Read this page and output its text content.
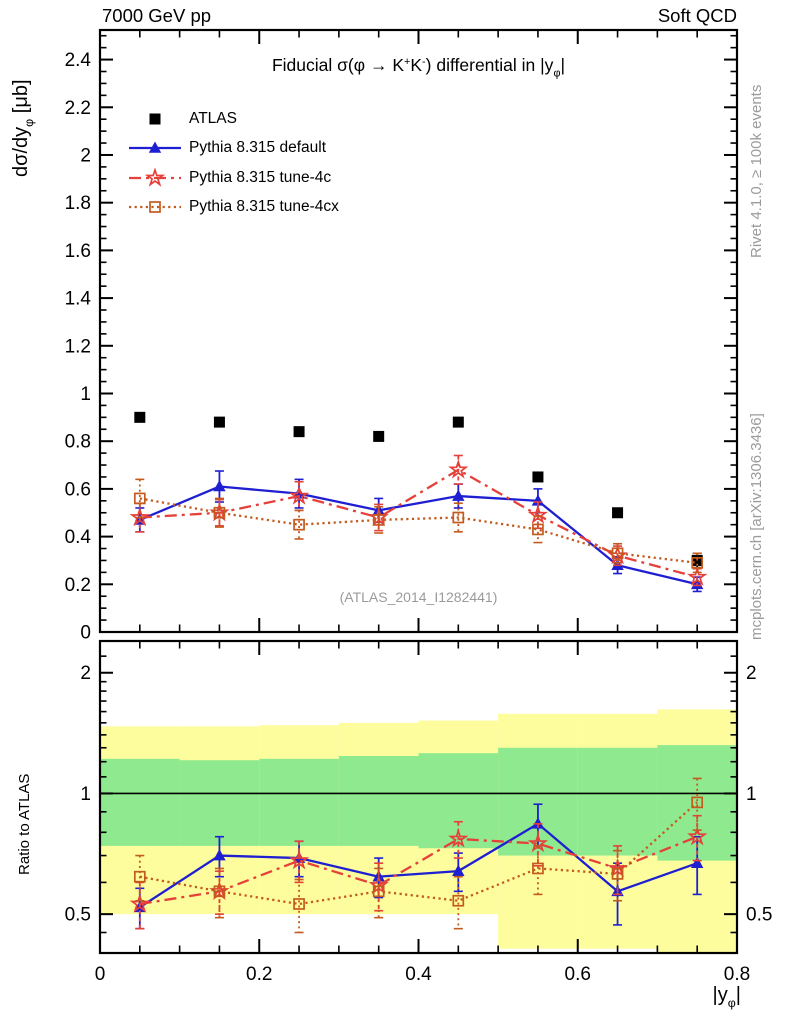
0
0.2
0.4
0.6
0.8
1
1.2
1.4
1.6
1.8
2
2.2
2.4
0.5	0.5
1	1
2	2
0	0.2	0.4	0.6	0.8
7000 GeV pp	Soft QCD
Fiducial σ(φ → K+K-) differential in $|y_\varphi|$
$d\sigma/dy_\varphi$ [μb]
Ratio to ATLAS
$|y_\varphi|$
(ATLAS_2014_I1282441)
Rivet 4.1.0, ≥ 100k events
mcplots.cern.ch [arXiv:1306.3436]
ATLAS
Pythia 8.315 default
Pythia 8.315 tune-4c
Pythia 8.315 tune-4cx
